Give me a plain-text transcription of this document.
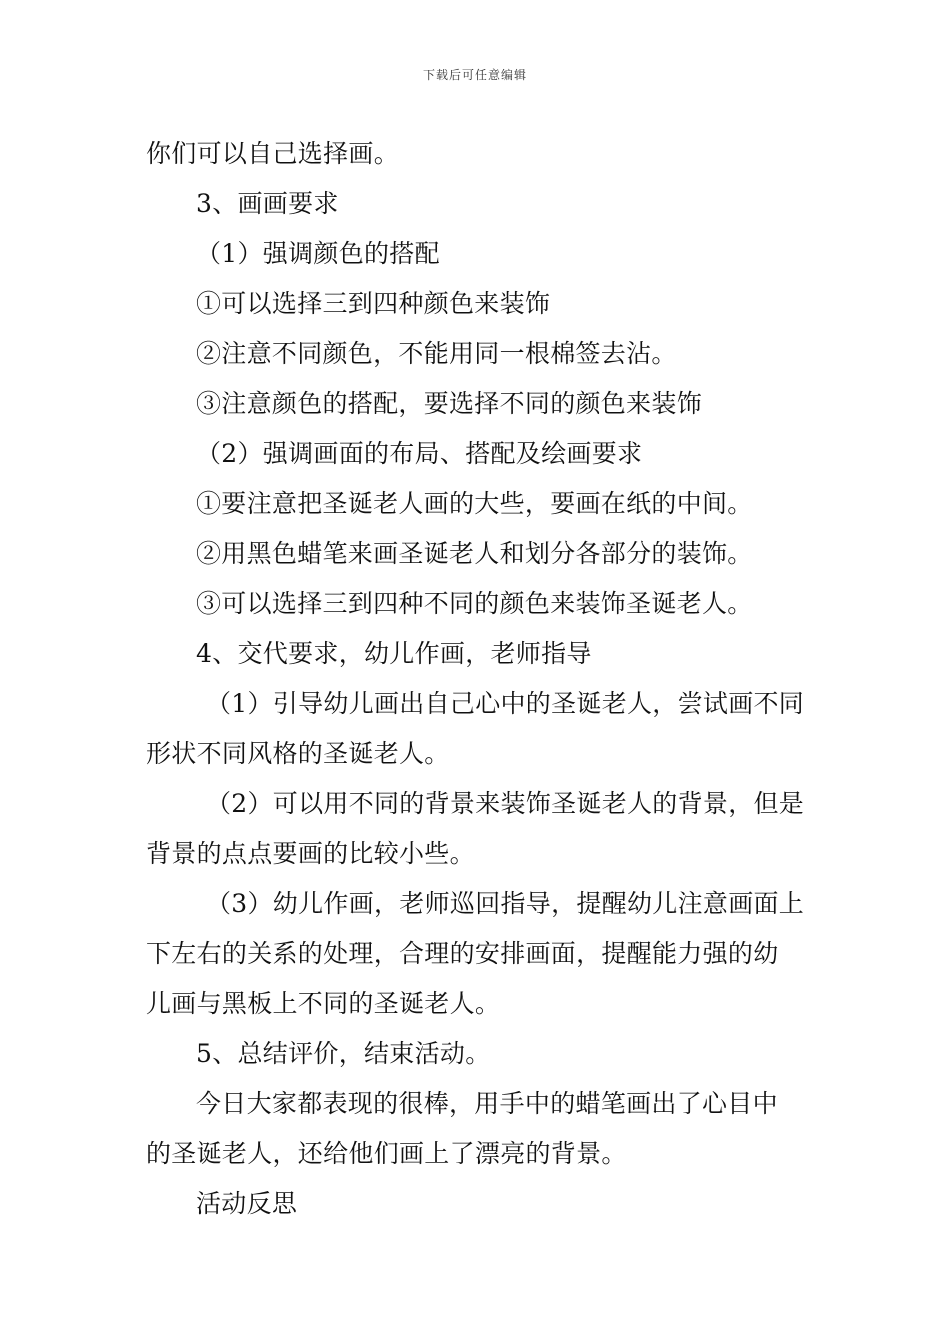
下载后可任意编辑
你们可以自己选择画。
3、画画要求
（1）强调颜色的搭配
①可以选择三到四种颜色来装饰
②注意不同颜色，不能用同一根棉签去沾。
③注意颜色的搭配，要选择不同的颜色来装饰
（2）强调画面的布局、搭配及绘画要求
①要注意把圣诞老人画的大些，要画在纸的中间。
②用黑色蜡笔来画圣诞老人和划分各部分的装饰。
③可以选择三到四种不同的颜色来装饰圣诞老人。
4、交代要求，幼儿作画，老师指导
（1）引导幼儿画出自己心中的圣诞老人，尝试画不同
形状不同风格的圣诞老人。
（2）可以用不同的背景来装饰圣诞老人的背景，但是
背景的点点要画的比较小些。
（3）幼儿作画，老师巡回指导，提醒幼儿注意画面上
下左右的关系的处理，合理的安排画面，提醒能力强的幼
儿画与黑板上不同的圣诞老人。
5、总结评价，结束活动。
今日大家都表现的很棒，用手中的蜡笔画出了心目中
的圣诞老人，还给他们画上了漂亮的背景。
活动反思
